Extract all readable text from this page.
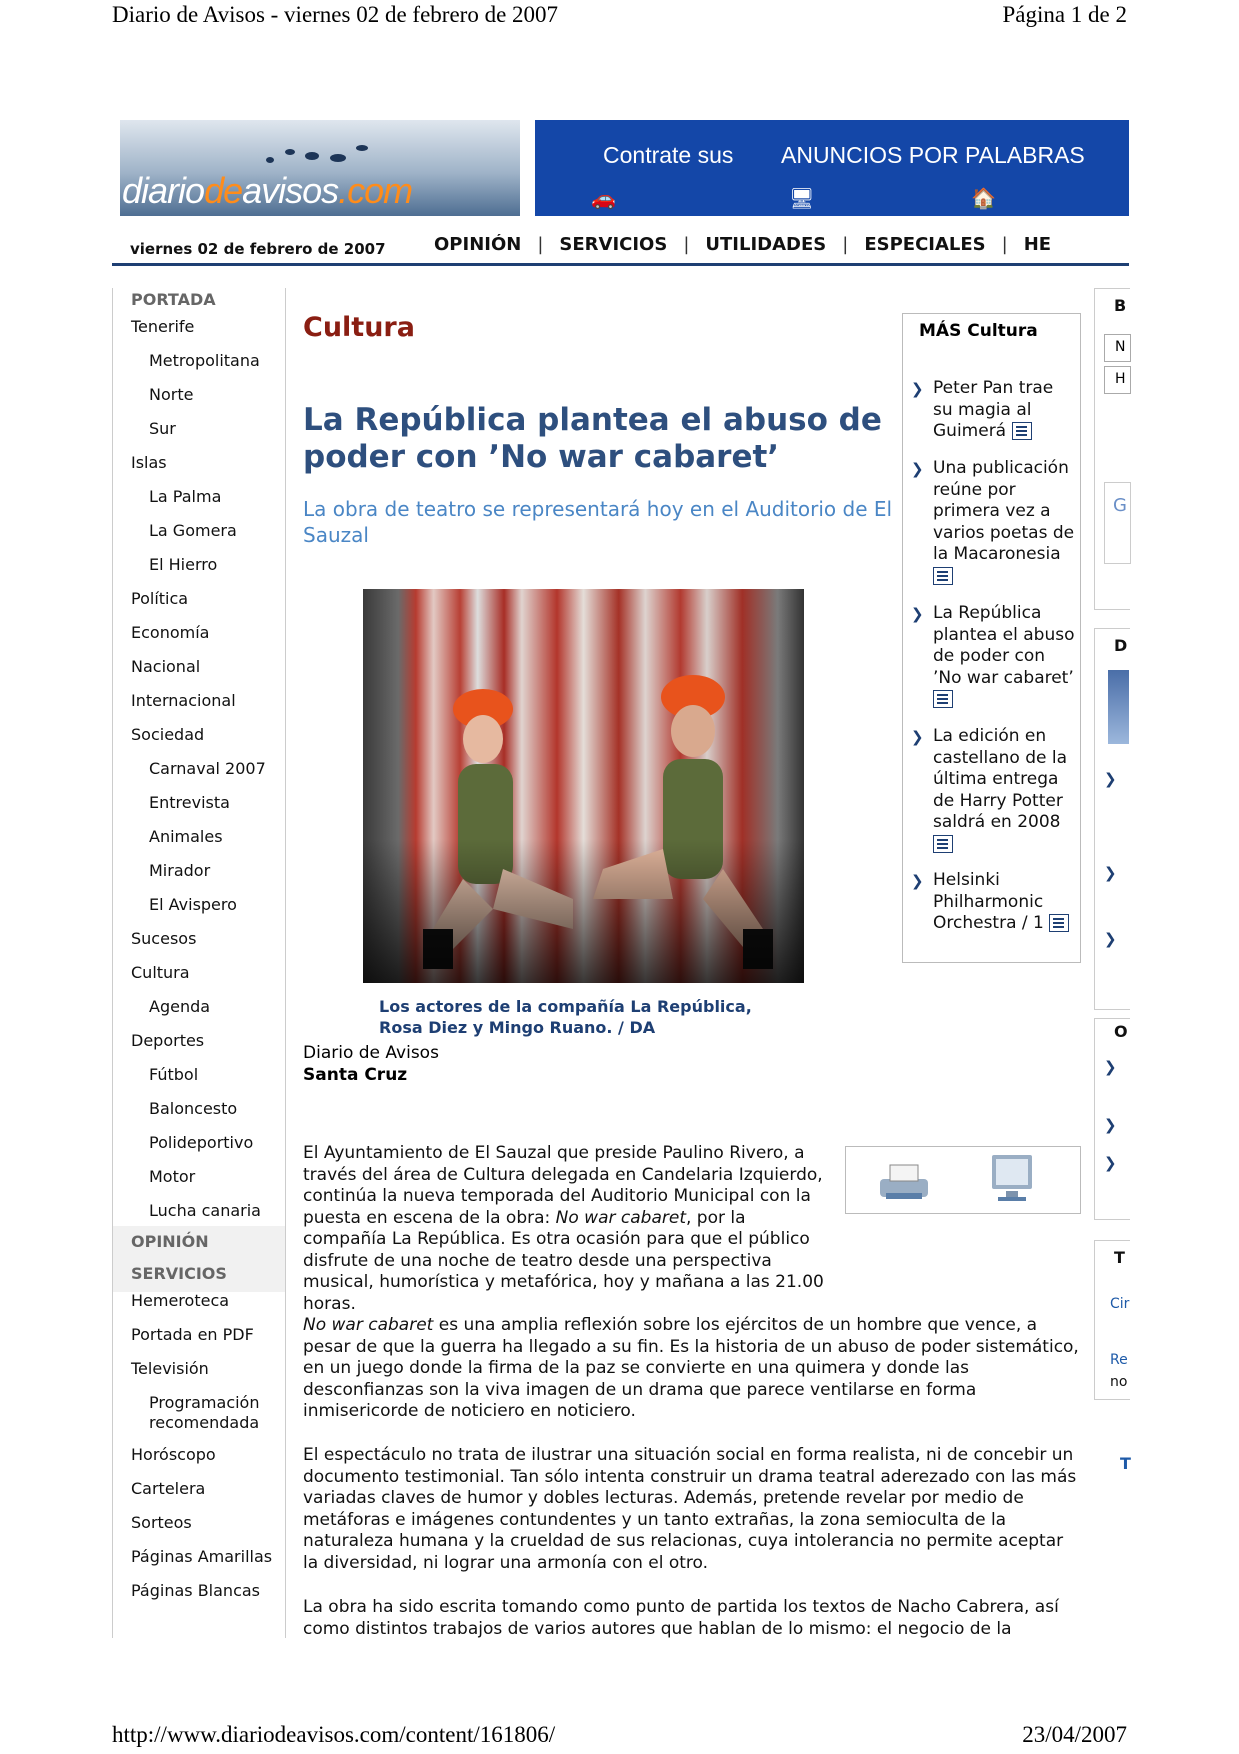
Diario de Avisos - viernes 02 de febrero de 2007	Página 1 de 2
diariodeavisos.com
Contrate sus ANUNCIOS POR PALABRAS
🚗	🖥	🏠
viernes 02 de febrero de 2007	OPINIÓN | SERVICIOS | UTILIDADES | ESPECIALES | HE
PORTADA
Tenerife
Metropolitana
Norte
Sur
Islas
La Palma
La Gomera
El Hierro
Política
Economía
Nacional
Internacional
Sociedad
Carnaval 2007
Entrevista
Animales
Mirador
El Avispero
Sucesos
Cultura
Agenda
Deportes
Fútbol
Baloncesto
Polideportivo
Motor
Lucha canaria
OPINIÓN
SERVICIOS
Hemeroteca
Portada en PDF
Televisión
Programación
recomendada
Horóscopo
Cartelera
Sorteos
Páginas Amarillas
Páginas Blancas
Cultura
La República plantea el abuso de poder con ’No war cabaret’
La obra de teatro se representará hoy en el Auditorio de El Sauzal
Los actores de la compañía La República, Rosa Diez y Mingo Ruano. / DA
Diario de Avisos
Santa Cruz
El Ayuntamiento de El Sauzal que preside Paulino Rivero, a través del área de Cultura delegada en Candelaria Izquierdo, continúa la nueva temporada del Auditorio Municipal con la puesta en escena de la obra: No war cabaret, por la compañía La República. Es otra ocasión para que el público disfrute de una noche de teatro desde una perspectiva musical, humorística y metafórica, hoy y mañana a las 21.00 horas.
No war cabaret es una amplia reflexión sobre los ejércitos de un hombre que vence, a pesar de que la guerra ha llegado a su fin. Es la historia de un abuso de poder sistemático, en un juego donde la firma de la paz se convierte en una quimera y donde las desconfianzas son la viva imagen de un drama que parece ventilarse en forma inmisericorde de noticiero en noticiero.
El espectáculo no trata de ilustrar una situación social en forma realista, ni de concebir un documento testimonial. Tan sólo intenta construir un drama teatral aderezado con las más variadas claves de humor y dobles lecturas. Además, pretende revelar por medio de metáforas e imágenes contundentes y un tanto extrañas, la zona semioculta de la naturaleza humana y la crueldad de sus relacionas, cuya intolerancia no permite aceptar la diversidad, ni lograr una armonía con el otro.
La obra ha sido escrita tomando como punto de partida los textos de Nacho Cabrera, así como distintos trabajos de varios autores que hablan de lo mismo: el negocio de la
MÁS Cultura
❯ Peter Pan trae su magia al Guimerá
❯ Una publicación reúne por primera vez a varios poetas de la Macaronesia
❯ La República plantea el abuso de poder con ’No war cabaret’
❯ La edición en castellano de la última entrega de Harry Potter saldrá en 2008
❯ Helsinki Philharmonic Orchestra / 1
B
N
H
G
D
❯
❯
❯
O
❯
❯
❯
T
Cir
Re
no
T
http://www.diariodeavisos.com/content/161806/	23/04/2007
